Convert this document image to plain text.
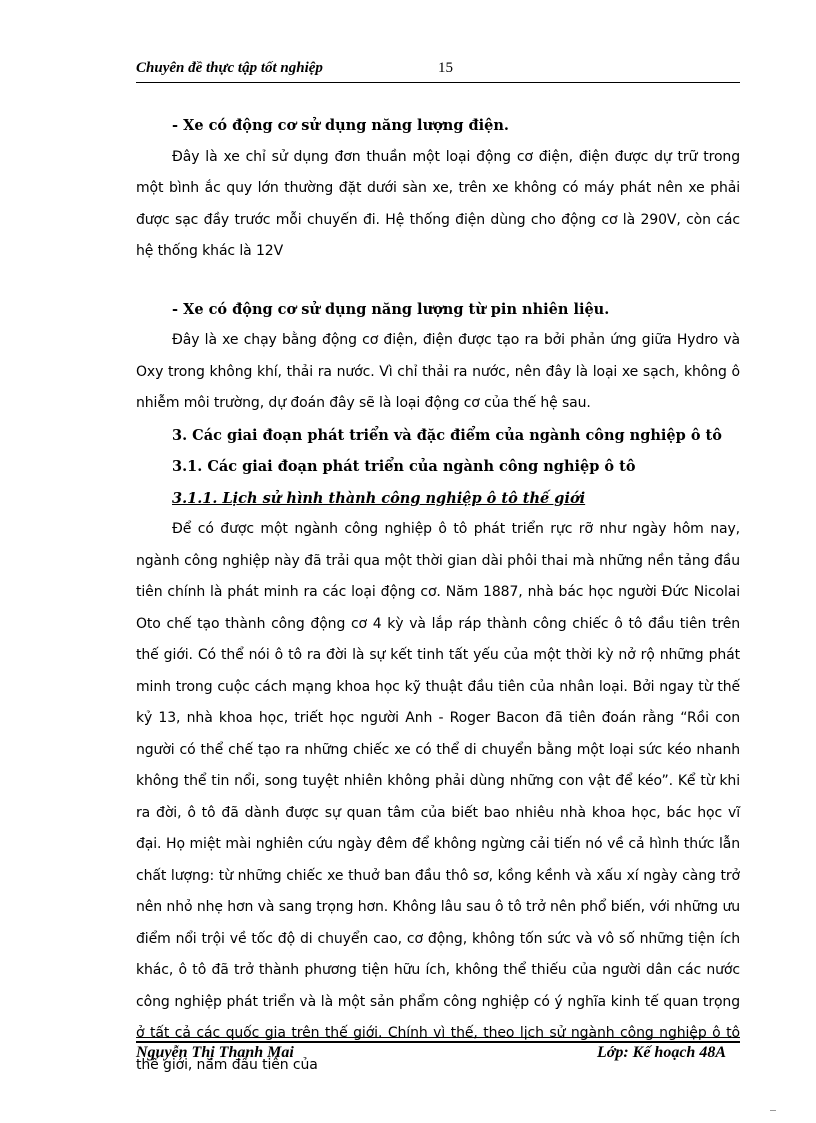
Chuyên đề thực tập tốt nghiệp	15

- Xe có động cơ sử dụng năng lượng điện.

Đây là xe chỉ sử dụng đơn thuần một loại động cơ điện, điện được dự trữ trong một bình ắc quy lớn thường đặt dưới sàn xe, trên xe không có máy phát nên xe phải được sạc đầy trước mỗi chuyến đi. Hệ thống điện dùng cho động cơ là 290V, còn các hệ thống khác là 12V

- Xe có động cơ sử dụng năng lượng từ pin nhiên liệu.

Đây là xe chạy bằng động cơ điện, điện được tạo ra bởi phản ứng giữa Hydro và Oxy trong không khí, thải ra nước. Vì chỉ thải ra nước, nên đây là loại xe sạch, không ô nhiễm môi trường, dự đoán đây sẽ là loại động cơ của thế hệ sau.

3. Các giai đoạn phát triển và đặc điểm của ngành công nghiệp ô tô

3.1. Các giai đoạn phát triển của ngành công nghiệp ô tô

3.1.1. Lịch sử hình thành công nghiệp ô tô thế giới

Để có được một ngành công nghiệp ô tô phát triển rực rỡ như ngày hôm nay, ngành công nghiệp này đã trải qua một thời gian dài phôi thai mà những nền tảng đầu tiên chính là phát minh ra các loại động cơ. Năm 1887, nhà bác học người Đức Nicolai Oto chế tạo thành công động cơ 4 kỳ và lắp ráp thành công chiếc ô tô đầu tiên trên thế giới. Có thể nói ô tô ra đời là sự kết tinh tất yếu của một thời kỳ nở rộ những phát minh trong cuộc cách mạng khoa học kỹ thuật đầu tiên của nhân loại. Bởi ngay từ thế kỷ 13, nhà khoa học, triết học người Anh - Roger Bacon đã tiên đoán rằng “Rồi con người có thể chế tạo ra những chiếc xe có thể di chuyển bằng một loại sức kéo nhanh không thể tin nổi, song tuyệt nhiên không phải dùng những con vật để kéo”. Kể từ khi ra đời, ô tô đã dành được sự quan tâm của biết bao nhiêu nhà khoa học, bác học vĩ đại. Họ miệt mài nghiên cứu ngày đêm để không ngừng cải tiến nó về cả hình thức lẫn chất lượng: từ những chiếc xe thuở ban đầu thô sơ, kồng kềnh và xấu xí ngày càng trở nên nhỏ nhẹ hơn và sang trọng hơn. Không lâu sau ô tô trở nên phổ biến, với những ưu điểm nổi trội về tốc độ di chuyển cao, cơ động, không tốn sức và vô số những tiện ích khác, ô tô đã trở thành phương tiện hữu ích, không thể thiếu của người dân các nước công nghiệp phát triển và là một sản phẩm công nghiệp có ý nghĩa kinh tế quan trọng ở tất cả các quốc gia trên thế giới. Chính vì thế, theo lịch sử ngành công nghiệp ô tô thế giới, năm đầu tiên của

Nguyễn Thị Thanh Mai	Lớp: Kế hoạch 48A
